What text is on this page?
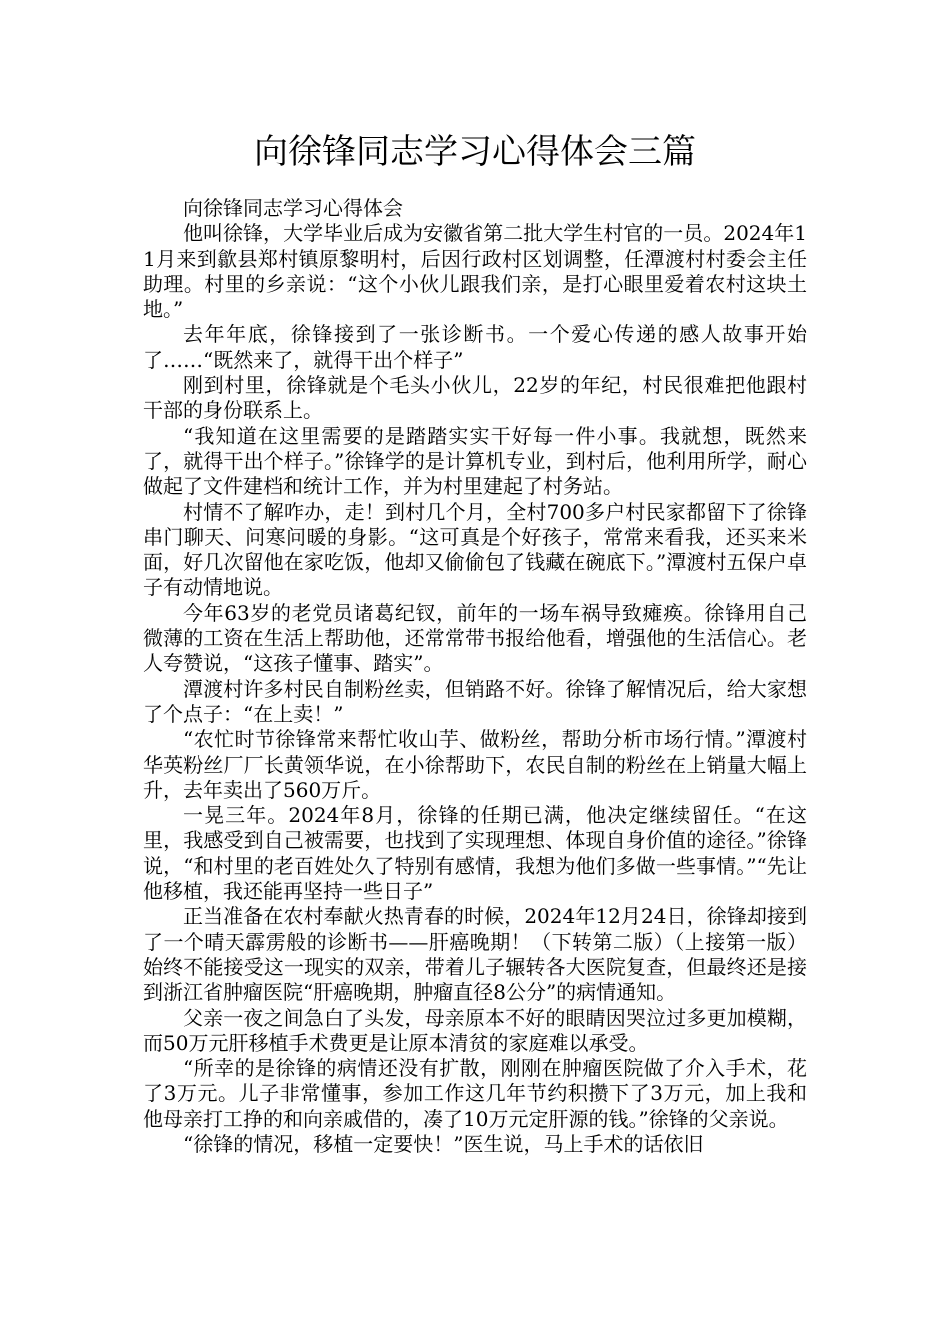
向徐锋同志学习心得体会三篇

向徐锋同志学习心得体会

他叫徐锋，大学毕业后成为安徽省第二批大学生村官的一员。2024年11月来到歙县郑村镇原黎明村，后因行政村区划调整，任潭渡村村委会主任助理。村里的乡亲说：“这个小伙儿跟我们亲，是打心眼里爱着农村这块土地。”

去年年底，徐锋接到了一张诊断书。一个爱心传递的感人故事开始了……“既然来了，就得干出个样子”

刚到村里，徐锋就是个毛头小伙儿，22岁的年纪，村民很难把他跟村干部的身份联系上。

“我知道在这里需要的是踏踏实实干好每一件小事。我就想，既然来了，就得干出个样子。”徐锋学的是计算机专业，到村后，他利用所学，耐心做起了文件建档和统计工作，并为村里建起了村务站。

村情不了解咋办，走！到村几个月，全村700多户村民家都留下了徐锋串门聊天、问寒问暖的身影。“这可真是个好孩子，常常来看我，还买来米面，好几次留他在家吃饭，他却又偷偷包了钱藏在碗底下。”潭渡村五保户卓子有动情地说。

今年63岁的老党员诸葛纪钗，前年的一场车祸导致瘫痪。徐锋用自己微薄的工资在生活上帮助他，还常常带书报给他看，增强他的生活信心。老人夸赞说，“这孩子懂事、踏实”。

潭渡村许多村民自制粉丝卖，但销路不好。徐锋了解情况后，给大家想了个点子：“在上卖！”

“农忙时节徐锋常来帮忙收山芋、做粉丝，帮助分析市场行情。”潭渡村华英粉丝厂厂长黄领华说，在小徐帮助下，农民自制的粉丝在上销量大幅上升，去年卖出了560万斤。

一晃三年。2024年8月，徐锋的任期已满，他决定继续留任。“在这里，我感受到自己被需要，也找到了实现理想、体现自身价值的途径。”徐锋说，“和村里的老百姓处久了特别有感情，我想为他们多做一些事情。”“先让他移植，我还能再坚持一些日子”

正当准备在农村奉献火热青春的时候，2024年12月24日，徐锋却接到了一个晴天霹雳般的诊断书——肝癌晚期！（下转第二版）（上接第一版）始终不能接受这一现实的双亲，带着儿子辗转各大医院复查，但最终还是接到浙江省肿瘤医院“肝癌晚期，肿瘤直径8公分”的病情通知。

父亲一夜之间急白了头发，母亲原本不好的眼睛因哭泣过多更加模糊，而50万元肝移植手术费更是让原本清贫的家庭难以承受。

“所幸的是徐锋的病情还没有扩散，刚刚在肿瘤医院做了介入手术，花了3万元。儿子非常懂事，参加工作这几年节约积攒下了3万元，加上我和他母亲打工挣的和向亲戚借的，凑了10万元定肝源的钱。”徐锋的父亲说。

“徐锋的情况，移植一定要快！”医生说，马上手术的话依旧
